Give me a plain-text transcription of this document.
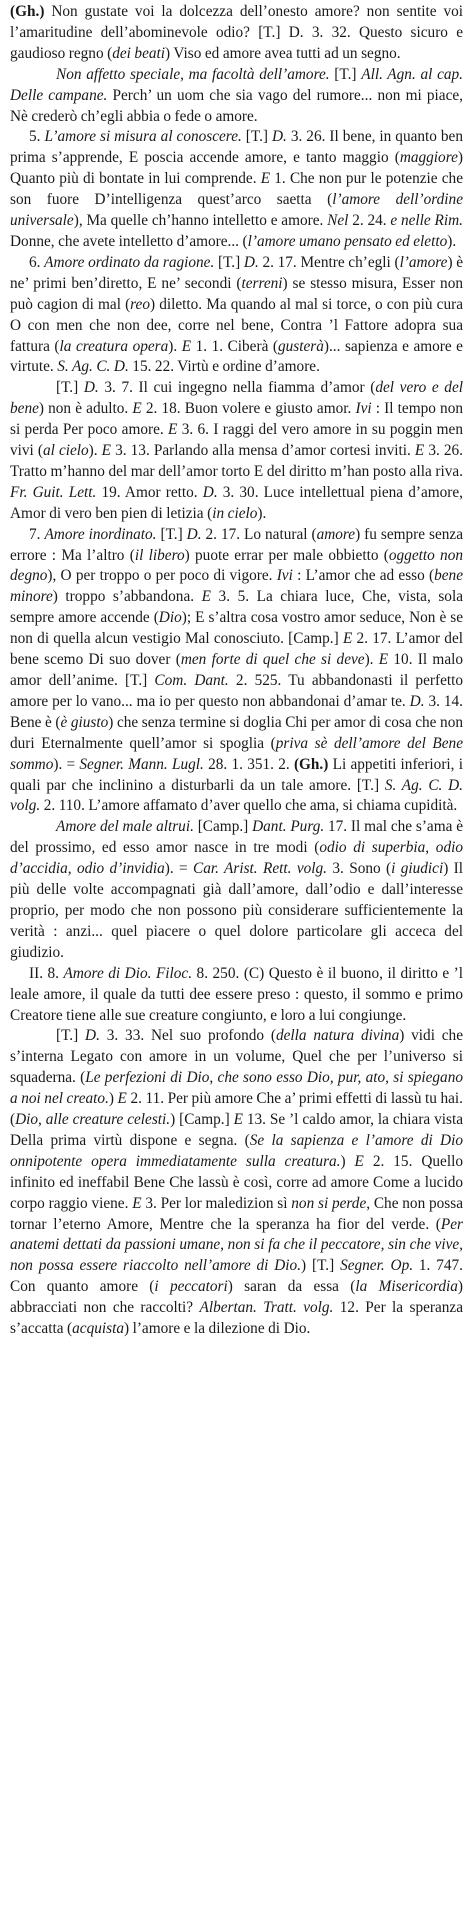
(Gh.) Non gustate voi la dolcezza dell’onesto amore? non sentite voi l’amaritudine dell’abominevole odio? [T.] D. 3. 32. Questo sicuro e gaudioso regno (dei beati) Viso ed amore avea tutti ad un segno.

Non affetto speciale, ma facoltà dell’amore. [T.] All. Agn. al cap. Delle campane. Perch’ un uom che sia vago del rumore... non mi piace, Nè crederò ch’egli abbia o fede o amore.

5. L’amore si misura al conoscere. [T.] D. 3. 26. Il bene, in quanto ben prima s’apprende, E poscia accende amore, e tanto maggio (maggiore) Quanto più di bontate in lui comprende. E 1. Che non pur le potenzie che son fuore D’intelligenza quest’arco saetta (l’amore dell’ordine universale), Ma quelle ch’hanno intelletto e amore. Nel 2. 24. e nelle Rim. Donne, che avete intelletto d’amore... (l’amore umano pensato ed eletto).

6. Amore ordinato da ragione. [T.] D. 2. 17. Mentre ch’egli (l’amore) è ne’ primi ben’diretto, E ne’ secondi (terreni) se stesso misura, Esser non può cagion di mal (reo) diletto. Ma quando al mal si torce, o con più cura O con men che non dee, corre nel bene, Contra ’l Fattore adopra sua fattura (la creatura opera). E 1. 1. Ciberà (gusterà)... sapienza e amore e virtute. S. Ag. C. D. 15. 22. Virtù e ordine d’amore.

[T.] D. 3. 7. Il cui ingegno nella fiamma d’amor (del vero e del bene) non è adulto. E 2. 18. Buon volere e giusto amor. Ivi : Il tempo non si perda Per poco amore. E 3. 6. I raggi del vero amore in su poggin men vivi (al cielo). E 3. 13. Parlando alla mensa d’amor cortesi inviti. E 3. 26. Tratto m’hanno del mar dell’amor torto E del diritto m’han posto alla riva. Fr. Guit. Lett. 19. Amor retto. D. 3. 30. Luce intellettual piena d’amore, Amor di vero ben pien di letizia (in cielo).

7. Amore inordinato. [T.] D. 2. 17. Lo natural (amore) fu sempre senza errore : Ma l’altro (il libero) puote errar per male obbietto (oggetto non degno), O per troppo o per poco di vigore. Ivi : L’amor che ad esso (bene minore) troppo s’abbandona. E 3. 5. La chiara luce, Che, vista, sola sempre amore accende (Dio); E s’altra cosa vostro amor seduce, Non è se non di quella alcun vestigio Mal conosciuto. [Camp.] E 2. 17. L’amor del bene scemo Di suo dover (men forte di quel che si deve). E 10. Il malo amor dell’anime. [T.] Com. Dant. 2. 525. Tu abbandonasti il perfetto amore per lo vano... ma io per questo non abbandonai d’amar te. D. 3. 14. Bene è (è giusto) che senza termine si doglia Chi per amor di cosa che non duri Eternalmente quell’amor si spoglia (priva sè dell’amore del Bene sommo). = Segner. Mann. Lugl. 28. 1. 351. 2. (Gh.) Li appetiti inferiori, i quali par che inclinino a disturbarli da un tale amore. [T.] S. Ag. C. D. volg. 2. 110. L’amore affamato d’aver quello che ama, si chiama cupidità.

Amore del male altrui. [Camp.] Dant. Purg. 17. Il mal che s’ama è del prossimo, ed esso amor nasce in tre modi (odio di superbia, odio d’accidia, odio d’invidia). = Car. Arist. Rett. volg. 3. Sono (i giudici) Il più delle volte accompagnati già dall’amore, dall’odio e dall’interesse proprio, per modo che non possono più considerare sufficientemente la verità : anzi... quel piacere o quel dolore particolare gli acceca del giudizio.

II. 8. Amore di Dio. Filoc. 8. 250. (C) Questo è il buono, il diritto e ’l leale amore, il quale da tutti dee essere preso : questo, il sommo e primo Creatore tiene alle sue creature congiunto, e loro a lui congiunge.

[T.] D. 3. 33. Nel suo profondo (della natura divina) vidi che s’interna Legato con amore in un volume, Quel che per l’universo si squaderna. (Le perfezioni di Dio, che sono esso Dio, pur, ato, si spiegano a noi nel creato.) E 2. 11. Per più amore Che a’ primi effetti di lassù tu hai. (Dio, alle creature celesti.) [Camp.] E 13. Se ’l caldo amor, la chiara vista Della prima virtù dispone e segna. (Se la sapienza e l’amore di Dio onnipotente opera immediatamente sulla creatura.) E 2. 15. Quello infinito ed ineffabil Bene Che lassù è così, corre ad amore Come a lucido corpo raggio viene. E 3. Per lor maledizion sì non si perde, Che non possa tornar l’eterno Amore, Mentre che la speranza ha fior del verde. (Per anatemi dettati da passioni umane, non si fa che il peccatore, sin che vive, non possa essere riaccolto nell’amore di Dio.) [T.] Segner. Op. 1. 747. Con quanto amore (i peccatori) saran da essa (la Misericordia) abbracciati non che raccolti? Albertan. Tratt. volg. 12. Per la speranza s’accatta (acquista) l’amore e la dilezione di Dio.
